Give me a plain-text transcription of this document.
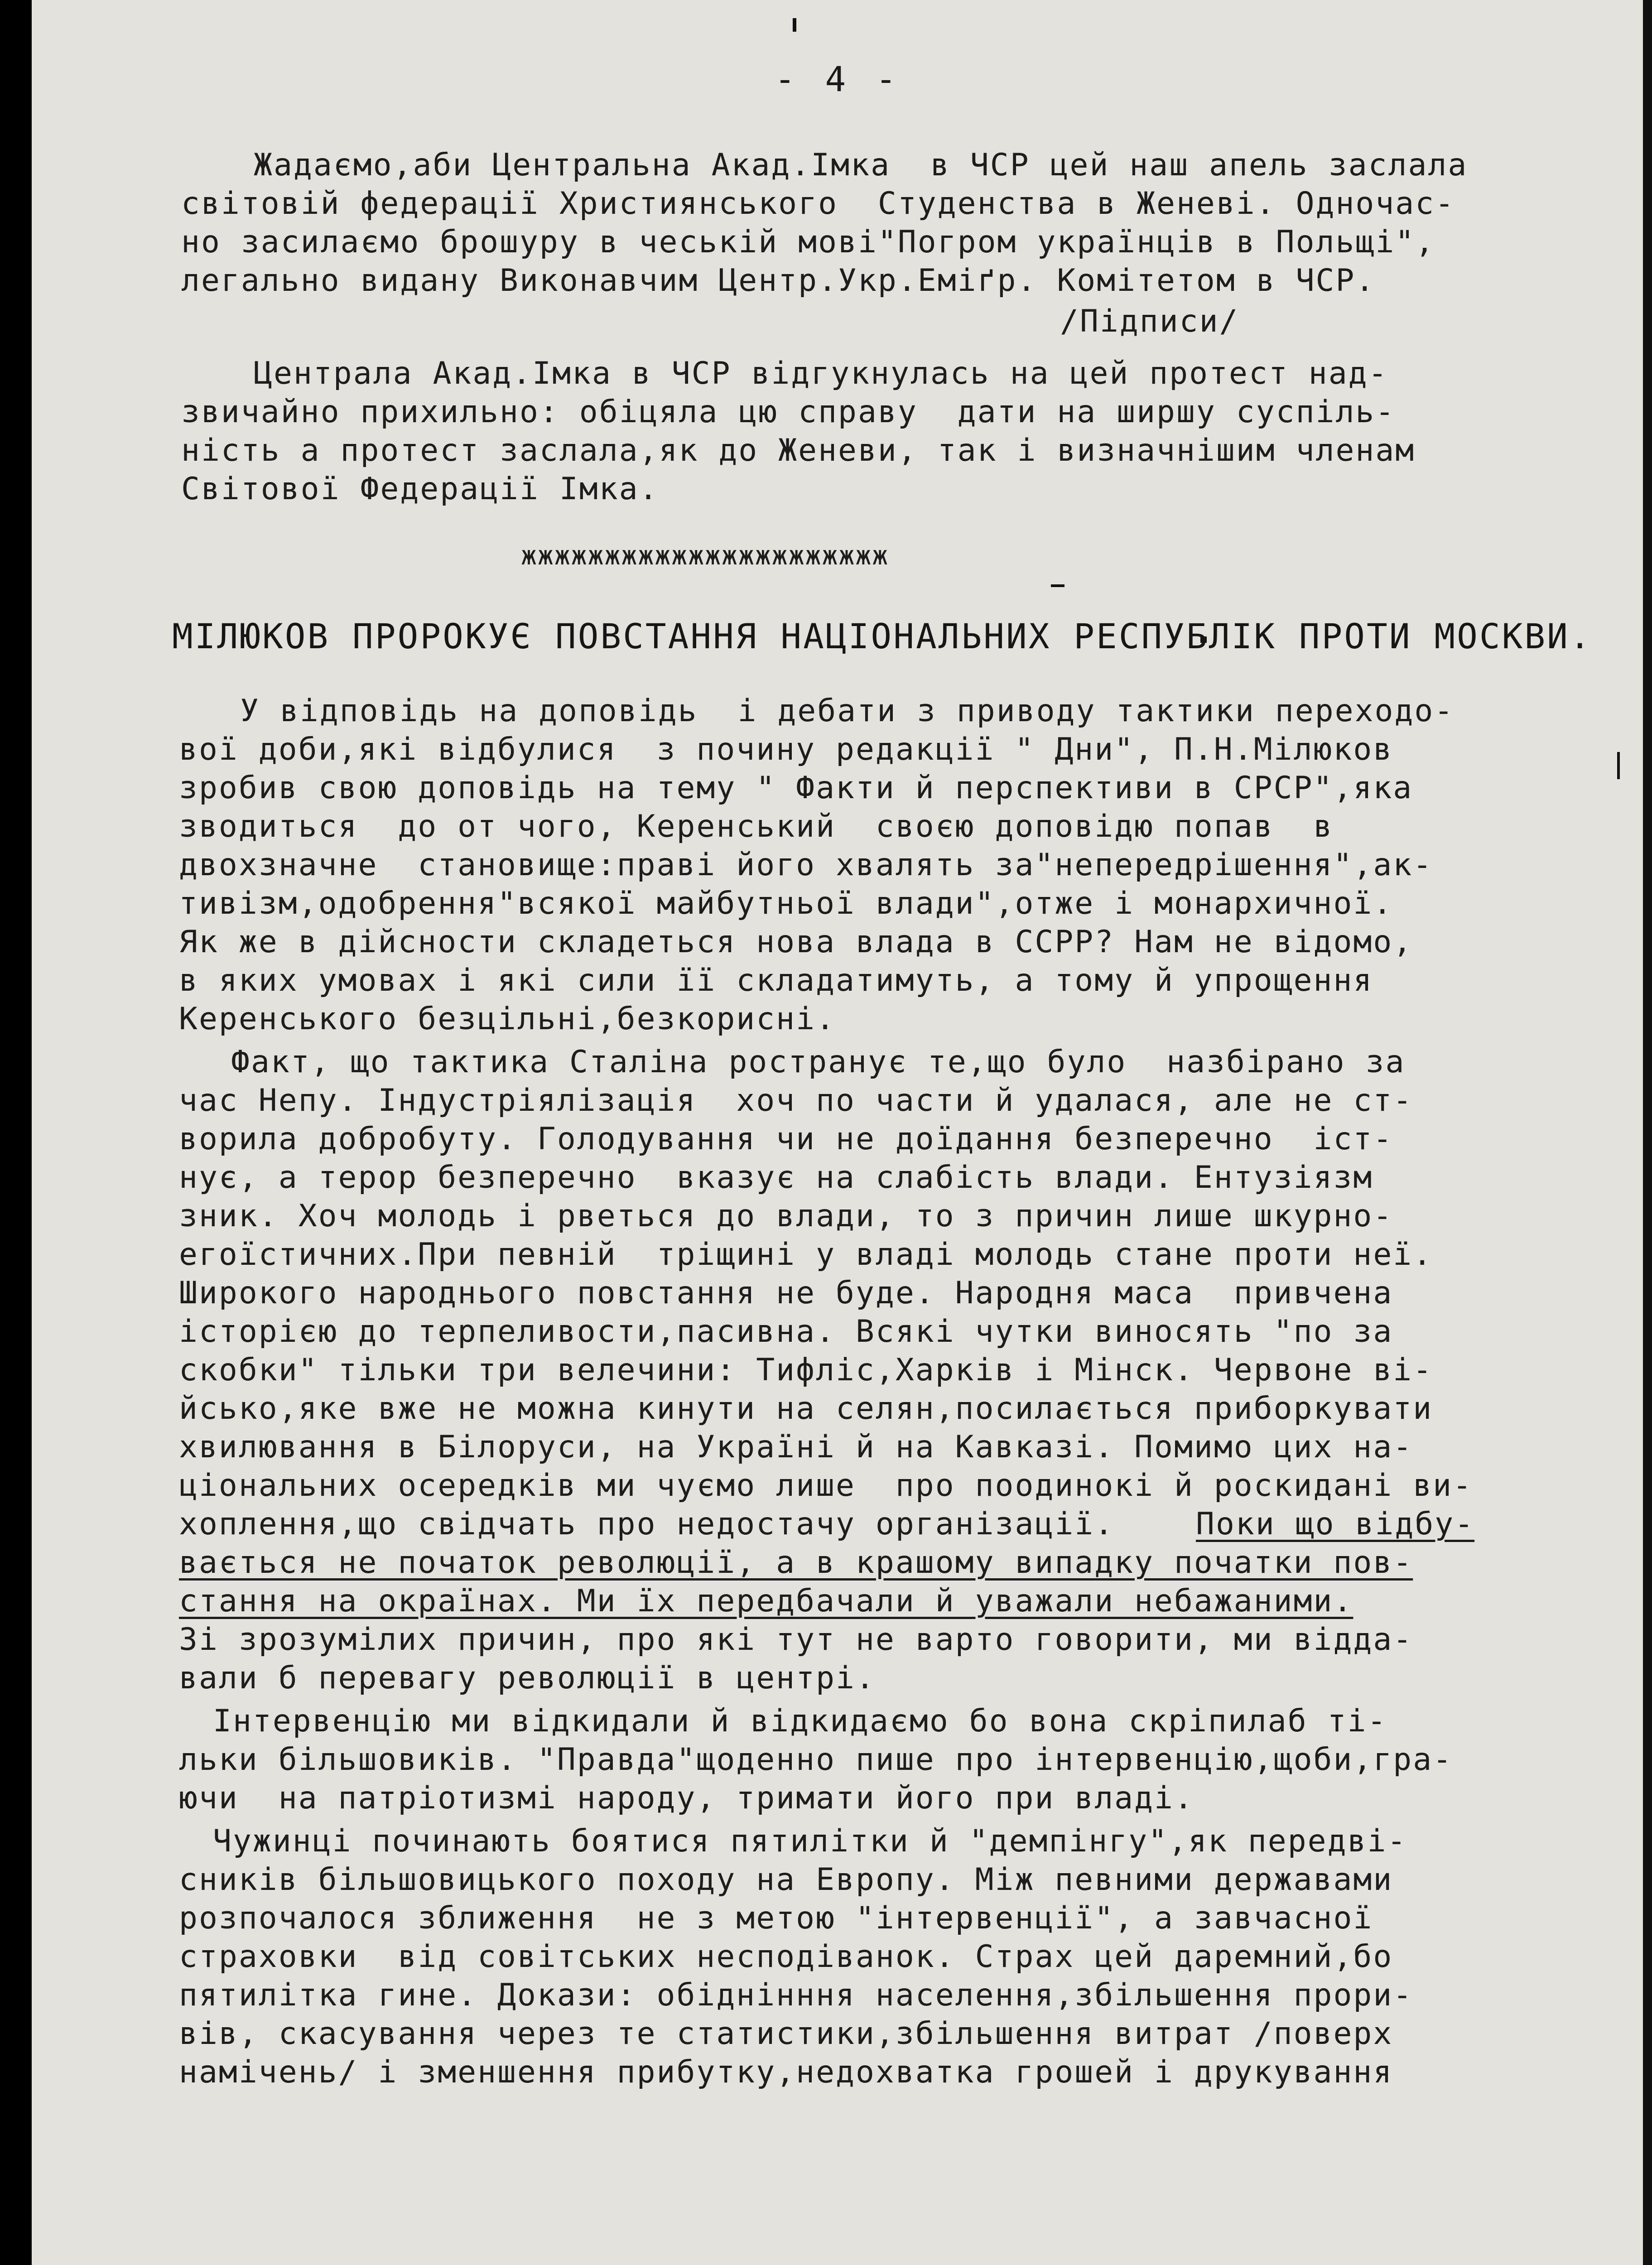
- 4 -
Жадаємо,аби Центральна Акад.Імка  в ЧСР цей наш апель заслала
світовій федерації Християнського  Студенства в Женеві. Одночас-
но засилаємо брошуру в чеській мові"Погром українців в Польщі",
легально видану Виконавчим Центр.Укр.Еміґр. Комітетом в ЧСР.
/Підписи/
Централа Акад.Імка в ЧСР відгукнулась на цей протест над-
звичайно прихильно: обіцяла цю справу  дати на ширшу суспіль-
ність а протест заслала,як до Женеви, так і визначнішим членам
Світової Федерації Імка.
жжжжжжжжжжжжжжжжжжжжжж
МІЛЮКОВ ПРОРОКУЄ ПОВСТАННЯ НАЦІОНАЛЬНИХ РЕСПУБЛІК ПРОТИ МОСКВИ.
У відповідь на доповідь  і дебати з приводу тактики переходо-
вої доби,які відбулися  з почину редакції " Дни", П.Н.Мілюков
зробив свою доповідь на тему " Факти й перспективи в СРСР",яка
зводиться  до от чого, Керенський  своєю доповідю попав  в
двохзначне  становище:праві його хвалять за"непередрішення",ак-
тивізм,одобрення"всякої майбутньої влади",отже і монархичної.
Як же в дійсности складеться нова влада в ССРР? Нам не відомо,
в яких умовах і які сили її складатимуть, а тому й упрощення
Керенського безцільні,безкорисні.
Факт, що тактика Сталіна ространує те,що було  назбірано за
час Непу. Індустріялізація  хоч по части й удалася, але не ст-
ворила добробуту. Голодування чи не доїдання безперечно  іст-
нує, а терор безперечно  вказує на слабість влади. Ентузіязм
зник. Хоч молодь і рветься до влади, то з причин лише шкурно-
егоїстичних.При певній  тріщині у владі молодь стане проти неї.
Широкого народнього повстання не буде. Народня маса  привчена
історією до терпеливости,пасивна. Всякі чутки виносять "по за
скобки" тільки три велечини: Тифліс,Харків і Мінск. Червоне ві-
йсько,яке вже не можна кинути на селян,посилається приборкувати
хвилювання в Білоруси, на Україні й на Кавказі. Помимо цих на-
ціональних осередків ми чуємо лише  про поодинокі й роскидані ви-
хоплення,що свідчать про недостачу організації.	Поки що відбу-
вається не початок революції, а в крашому випадку початки пов-
стання на окраїнах. Ми їх передбачали й уважали небажаними.
Зі зрозумілих причин, про які тут не варто говорити, ми відда-
вали б перевагу революції в центрі.
Інтервенцію ми відкидали й відкидаємо бо вона скріпилаб ті-
льки більшовиків. "Правда"щоденно пише про інтервенцію,щоби,гра-
ючи  на патріотизмі народу, тримати його при владі.
Чужинці починають боятися пятилітки й "демпінгу",як передві-
сників більшовицького походу на Европу. Між певними державами
розпочалося зближення  не з метою "інтервенції", а завчасної
страховки  від совітських несподіванок. Страх цей даремний,бо
пятилітка гине. Докази: обіднінння населення,збільшення прори-
вів, скасування через те статистики,збільшення витрат /поверх
намічень/ і зменшення прибутку,недохватка грошей і друкування
